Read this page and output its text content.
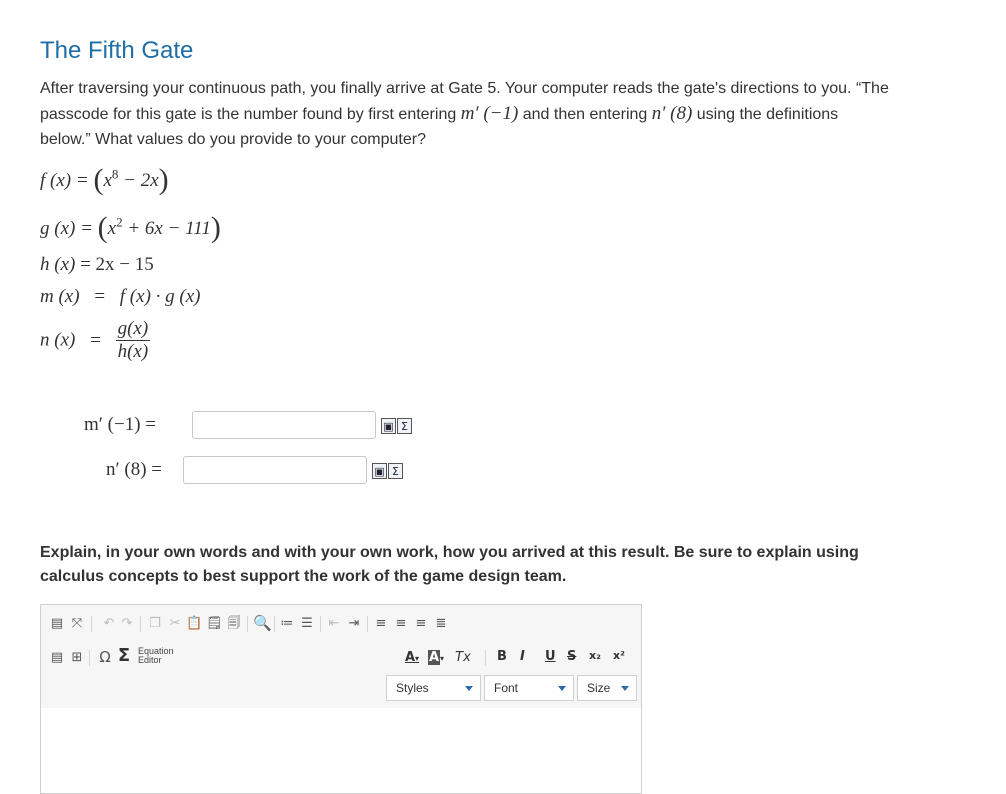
The Fifth Gate

After traversing your continuous path, you finally arrive at Gate 5. Your computer reads the gate's directions to you. “The passcode for this gate is the number found by first entering m′ (−1) and then entering n′ (8) using the definitions below.” What values do you provide to your computer?

f $(x) = (x^8 - 2x)$
g $(x) = (x^2 + 6x - 111)$
h (x) = 2x − 15
m (x) = f (x) · g (x)
n $(x) = \frac{g(x)}{h(x)}$
m′ (−1) =	▣ Σ
n′ (8) =	▣ Σ

Explain, in your own words and with your own work, how you arrived at this result. Be sure to explain using calculus concepts to best support the work of the game design team.

▤ ⤧ ↶ ↷ ❐ ✂ 📋 🗒 🗐 🔍 ≔ ☰ ⇤ ⇥ ≡ ≡ ≡ ≣
▤ ⊞ Ω Σ Equation
Editor	A▾ A▾ Tx	B I U S x₂ x²
Styles	Font	Size
